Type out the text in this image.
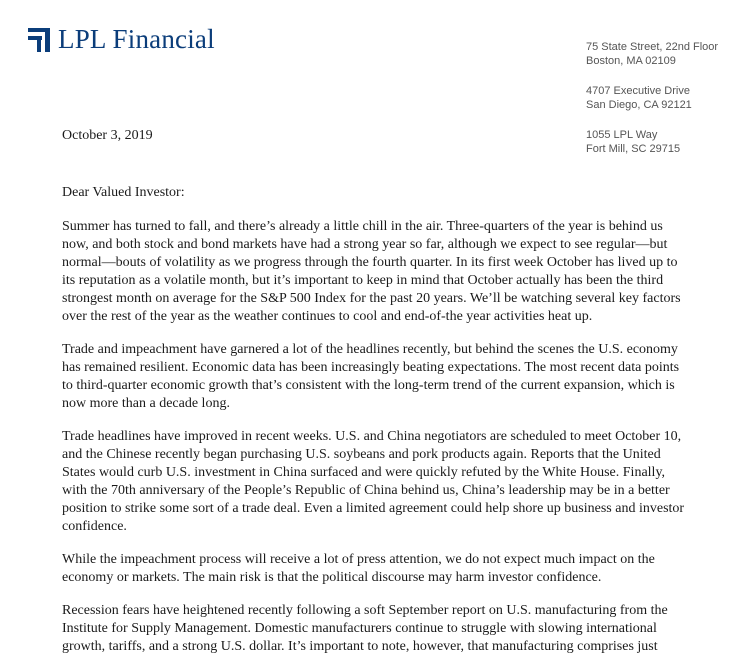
LPL Financial	75 State Street, 22nd Floor
Boston, MA 02109
4707 Executive Drive
San Diego, CA 92121
1055 LPL Way
Fort Mill, SC 29715
October 3, 2019

Dear Valued Investor:

Summer has turned to fall, and there’s already a little chill in the air. Three-quarters of the year is behind us now, and both stock and bond markets have had a strong year so far, although we expect to see regular—but normal—bouts of volatility as we progress through the fourth quarter. In its first week October has lived up to its reputation as a volatile month, but it’s important to keep in mind that October actually has been the third strongest month on average for the S&P 500 Index for the past 20 years. We’ll be watching several key factors over the rest of the year as the weather continues to cool and end-of-the year activities heat up.

Trade and impeachment have garnered a lot of the headlines recently, but behind the scenes the U.S. economy has remained resilient. Economic data has been increasingly beating expectations. The most recent data points to third-quarter economic growth that’s consistent with the long-term trend of the current expansion, which is now more than a decade long.

Trade headlines have improved in recent weeks. U.S. and China negotiators are scheduled to meet October 10, and the Chinese recently began purchasing U.S. soybeans and pork products again. Reports that the United States would curb U.S. investment in China surfaced and were quickly refuted by the White House. Finally, with the 70th anniversary of the People’s Republic of China behind us, China’s leadership may be in a better position to strike some sort of a trade deal. Even a limited agreement could help shore up business and investor confidence.

While the impeachment process will receive a lot of press attention, we do not expect much impact on the economy or markets. The main risk is that the political discourse may harm investor confidence.

Recession fears have heightened recently following a soft September report on U.S. manufacturing from the Institute for Supply Management. Domestic manufacturers continue to struggle with slowing international growth, tariffs, and a strong U.S. dollar. It’s important to note, however, that manufacturing comprises just
